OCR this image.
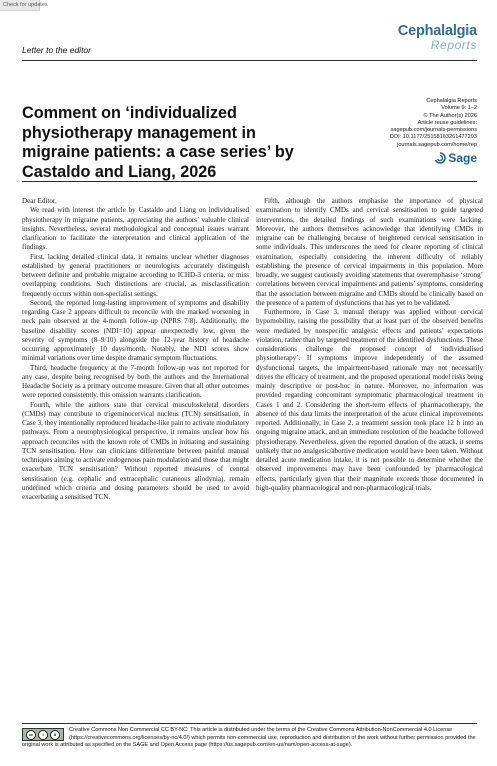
Check for updates
Letter to the editor
Cephalalgia
Reports
Comment on ‘individualized physiotherapy management in migraine patients: a case series’ by Castaldo and Liang, 2026
Cephalalgia Reports
Volume 9: 1–2
© The Author(s) 2026
Article reuse guidelines:
sagepub.com/journals-permissions
DOI: 10.1177/25158163261477293
journals.sagepub.com/home/rep
Sage

Dear Editor,

We read with interest the article by Castaldo and Liang on individualised physiotherapy in migraine patients, appreciating the authors’ valuable clinical insights. Nevertheless, several methodological and conceptual issues warrant clarification to facilitate the interpretation and clinical application of the findings.

First, lacking detailed clinical data, it remains unclear whether diagnoses established by general practitioners or neurologists accurately distinguish between definite and probable migraine according to ICHD-3 criteria, or miss overlapping conditions. Such distinctions are crucial, as misclassification frequently occurs within non-specialist settings.

Second, the reported long-lasting improvement of symptoms and disability regarding Case 2 appears difficult to reconcile with the marked worsening in neck pain observed at the 4-month follow-up (NPRS 7/8). Additionally, the baseline disability scores (NDI=10) appear unexpectedly low, given the severity of symptoms (8–9/10) alongside the 12-year history of headache occurring approximately 10 days/month. Notably, the NDI scores show minimal variations over time despite dramatic symptom fluctuations.

Third, headache frequency at the 7-month follow-up was not reported for any case, despite being recognised by both the authors and the International Headache Society as a primary outcome measure. Given that all other outcomes were reported consistently, this omission warrants clarification.

Fourth, while the authors state that cervical musculoskeletal disorders (CMDs) may contribute to trigeminocervical nucleus (TCN) sensitisation, in Case 3, they intentionally reproduced headache-like pain to activate modulatory pathways. From a neurophysiological perspective, it remains unclear how his approach reconciles with the known role of CMDs in initiating and sustaining TCN sensitisation. How can clinicians differentiate between painful manual techniques aiming to activate endogenous pain modulation and those that might exacerbate TCN sensitisation? Without reported measures of central sensitisation (e.g. cephalic and extracephalic cutaneous allodynia), remain undefined which criteria and dosing parameters should be used to avoid exacerbating a sensitised TCN.

Fifth, although the authors emphasise the importance of physical examination to identify CMDs and cervical sensitisation to guide targeted interventions, the detailed findings of such examinations were lacking. Moreover, the authors themselves acknowledge that identifying CMDs in migraine can be challenging because of heightened cervical sensitisation in some individuals. This underscores the need for clearer reporting of clinical examination, especially considering the inherent difficulty of reliably establishing the presence of cervical impairments in this population. More broadly, we suggest cautiously avoiding statements that overemphasise ‘strong’ correlations between cervical impairments and patients’ symptoms, considering that the association between migraine and CMDs should be clinically based on the presence of a pattern of dysfunctions that has yet to be validated.

Furthermore, in Case 3, manual therapy was applied without cervical hypomobility, raising the possibility that at least part of the observed benefits were mediated by nonspecific analgesic effects and patients’ expectations violation, rather than by targeted treatment of the identified dysfunctions. These considerations challenge the proposed concept of ‘individualised physiotherapy’. If symptoms improve independently of the assumed dysfunctional targets, the impairment-based rationale may not necessarily drives the efficacy of treatment, and the proposed operational model risks being mainly descriptive or post-hoc in nature. Moreover, no information was provided regarding concomitant symptomatic pharmacological treatment in Cases 1 and 2. Considering the short-term effects of pharmacotherapy, the absence of this data limits the interpretation of the acute clinical improvements reported. Additionally, in Case 2, a treatment session took place 12 h into an ongoing migraine attack, and an immediate resolution of the headache followed physiotherapy. Nevertheless, given the reported duration of the attack, it seems unlikely that no analgesic/abortive medication would have been taken. Without detailed acute medication intake, it is not possible to determine whether the observed improvements may have been confounded by pharmacological effects, particularly given that their magnitude exceeds those documented in high-quality pharmacological and non-pharmacological trials.

cc	i	$
Creative Commons Non Commercial CC BY-NC: This article is distributed under the terms of the Creative Commons Attribution-NonCommercial 4.0 License (https://creativecommons.org/licenses/by-nc/4.0/) which permits non-commercial use, reproduction and distribution of the work without further permission provided the original work is attributed as specified on the SAGE and Open Access page (https://us.sagepub.com/en-us/nam/open-access-at-sage).
